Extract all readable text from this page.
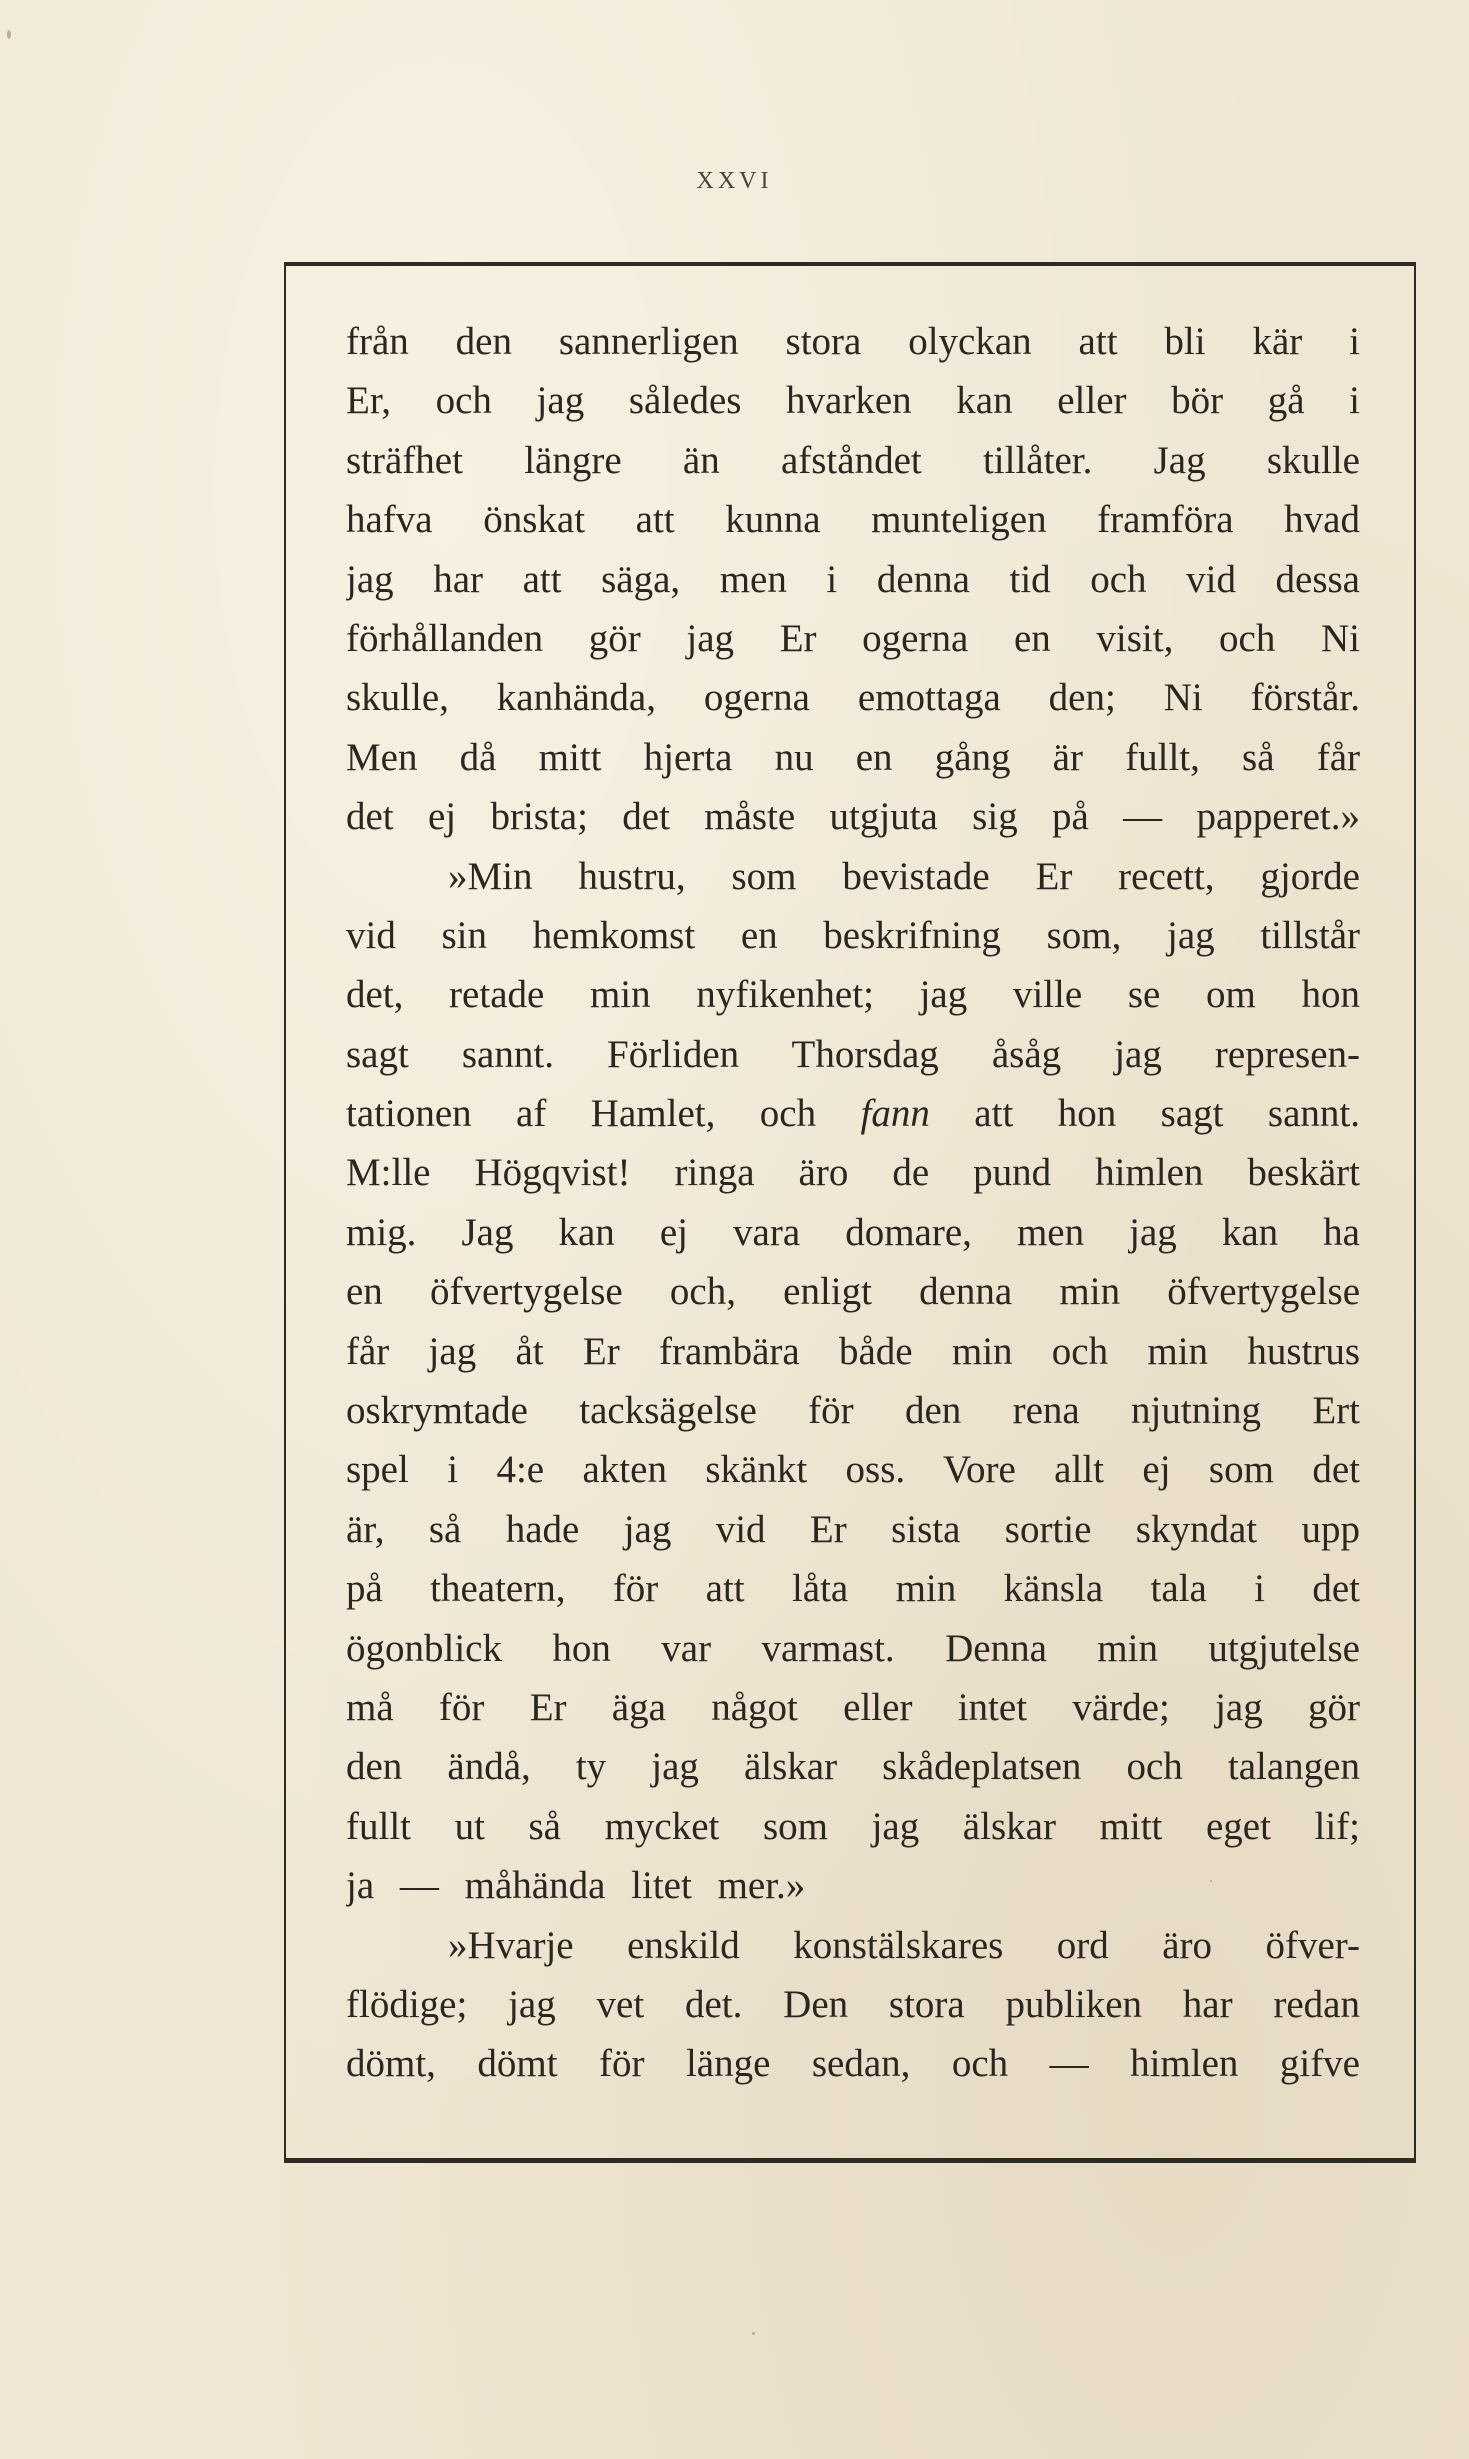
XXVI
från den sannerligen stora olyckan att bli kär i
Er, och jag således hvarken kan eller bör gå i
sträfhet längre än afståndet tillåter. Jag skulle
hafva önskat att kunna munteligen framföra hvad
jag har att säga, men i denna tid och vid dessa
förhållanden gör jag Er ogerna en visit, och Ni
skulle, kanhända, ogerna emottaga den; Ni förstår.
Men då mitt hjerta nu en gång är fullt, så får
det ej brista; det måste utgjuta sig på — papperet.»
»Min hustru, som bevistade Er recett, gjorde
vid sin hemkomst en beskrifning som, jag tillstår
det, retade min nyfikenhet; jag ville se om hon
sagt sannt. Förliden Thorsdag åsåg jag represen-
tationen af Hamlet, och fann att hon sagt sannt.
M:lle Högqvist! ringa äro de pund himlen beskärt
mig. Jag kan ej vara domare, men jag kan ha
en öfvertygelse och, enligt denna min öfvertygelse
får jag åt Er frambära både min och min hustrus
oskrymtade tacksägelse för den rena njutning Ert
spel i 4:e akten skänkt oss. Vore allt ej som det
är, så hade jag vid Er sista sortie skyndat upp
på theatern, för att låta min känsla tala i det
ögonblick hon var varmast. Denna min utgjutelse
må för Er äga något eller intet värde; jag gör
den ändå, ty jag älskar skådeplatsen och talangen
fullt ut så mycket som jag älskar mitt eget lif;
ja — måhända litet mer.»
»Hvarje enskild konstälskares ord äro öfver-
flödige; jag vet det. Den stora publiken har redan
dömt, dömt för länge sedan, och — himlen gifve
